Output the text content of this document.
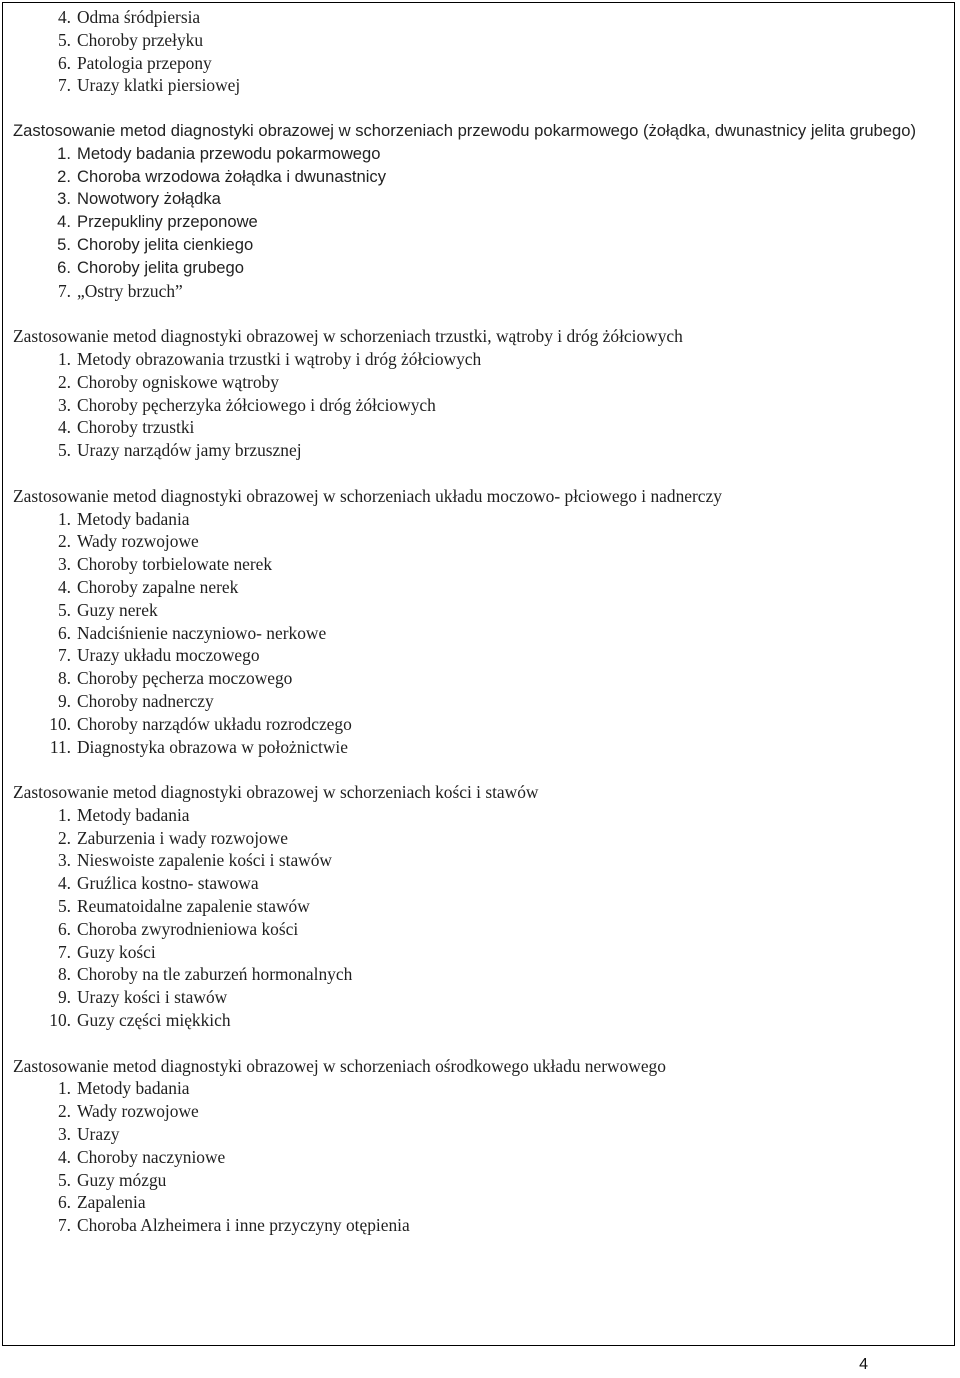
4. Odma śródpiersia
5. Choroby przełyku
6. Patologia przepony
7. Urazy klatki piersiowej
Zastosowanie metod diagnostyki obrazowej w schorzeniach przewodu pokarmowego (żołądka, dwunastnicy jelita grubego)
1. Metody badania przewodu pokarmowego
2. Choroba wrzodowa żołądka i dwunastnicy
3. Nowotwory żołądka
4. Przepukliny przeponowe
5. Choroby jelita cienkiego
6. Choroby jelita grubego
7. „Ostry brzuch”
Zastosowanie metod diagnostyki obrazowej w schorzeniach trzustki, wątroby i dróg żółciowych
1. Metody obrazowania trzustki i wątroby i dróg żółciowych
2. Choroby ogniskowe wątroby
3. Choroby pęcherzyka żółciowego i dróg żółciowych
4. Choroby trzustki
5. Urazy narządów jamy brzusznej
Zastosowanie metod diagnostyki obrazowej w schorzeniach układu moczowo- płciowego i nadnerczy
1. Metody badania
2. Wady rozwojowe
3. Choroby torbielowate nerek
4. Choroby zapalne nerek
5. Guzy nerek
6. Nadciśnienie naczyniowo- nerkowe
7. Urazy układu moczowego
8. Choroby pęcherza moczowego
9. Choroby nadnerczy
10. Choroby narządów układu rozrodczego
11. Diagnostyka obrazowa w położnictwie
Zastosowanie metod diagnostyki obrazowej w schorzeniach kości i stawów
1. Metody badania
2. Zaburzenia i wady rozwojowe
3. Nieswoiste zapalenie kości i stawów
4. Gruźlica kostno- stawowa
5. Reumatoidalne zapalenie stawów
6. Choroba zwyrodnieniowa kości
7. Guzy kości
8. Choroby na tle zaburzeń hormonalnych
9. Urazy kości i stawów
10. Guzy części miękkich
Zastosowanie metod diagnostyki obrazowej w schorzeniach ośrodkowego układu nerwowego
1. Metody badania
2. Wady rozwojowe
3. Urazy
4. Choroby naczyniowe
5. Guzy mózgu
6. Zapalenia
7. Choroba Alzheimera i inne przyczyny otępienia
4
